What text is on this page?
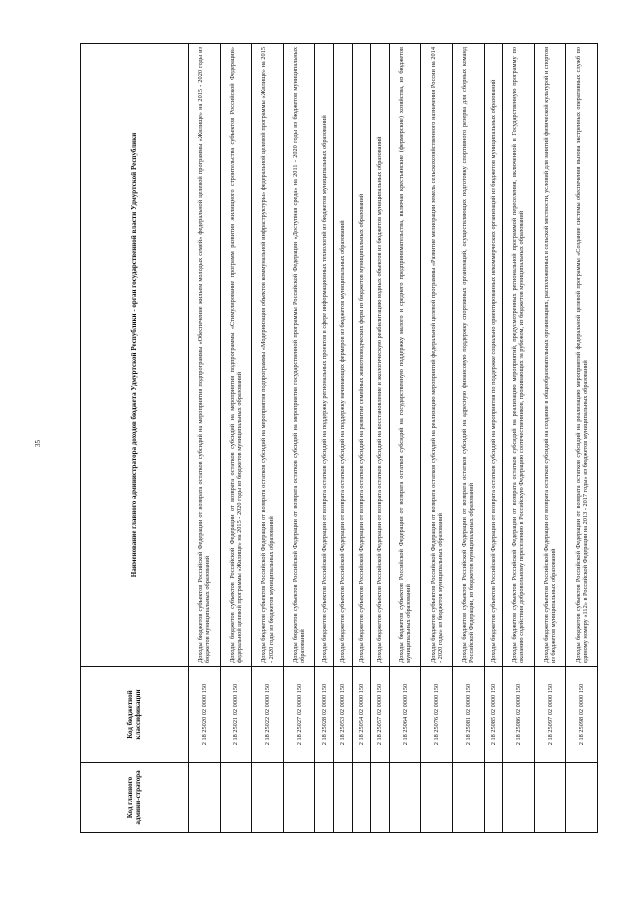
35
Код главного админи-стратора	Код бюджетной классификации	Наименование главного администратора доходов бюджета Удмуртской Республики - орган государственной власти Удмуртской Республики
	2 18 25020 02 0000 150	Доходы бюджетов субъектов Российской Федерации от возврата остатков субсидий на мероприятия подпрограммы «Обеспечение жильем молодых семей» федеральной целевой программы «Жилище» на 2015 - 2020 годы из бюджетов муниципальных образований
	2 18 25021 02 0000 150	Доходы бюджетов субъектов Российской Федерации от возврата остатков субсидий на мероприятия подпрограммы «Стимулирование программ развития жилищного строительства субъектов Российской Федерации» федеральной целевой программы «Жилище» на 2015 - 2020 годы из бюджетов муниципальных образований
	2 18 25022 02 0000 150	Доходы бюджетов субъектов Российской Федерации от возврата остатков субсидий на мероприятия подпрограммы «Модернизация объектов коммунальной инфраструктуры» федеральной целевой программы «Жилище» на 2015 - 2020 годы из бюджетов муниципальных образований
	2 18 25027 02 0000 150	Доходы бюджетов субъектов Российской Федерации от возврата остатков субсидий на мероприятия государственной программы Российской Федерации «Доступная среда» на 2011 - 2020 годы из бюджетов муниципальных образований
	2 18 25028 02 0000 150	Доходы бюджетов субъектов Российской Федерации от возврата остатков субсидий на поддержку региональных проектов в сфере информационных технологий из бюджетов муниципальных образований
	2 18 25053 02 0000 150	Доходы бюджетов субъектов Российской Федерации от возврата остатков субсидий на поддержку начинающих фермеров из бюджетов муниципальных образований
	2 18 25054 02 0000 150	Доходы бюджетов субъектов Российской Федерации от возврата остатков субсидий на развитие семейных животноводческих ферм из бюджетов муниципальных образований
	2 18 25057 02 0000 150	Доходы бюджетов субъектов Российской Федерации от возврата остатков субсидий на восстановление и экологическую реабилитацию водных объектов из бюджетов муниципальных образований
	2 18 25064 02 0000 150	Доходы бюджетов субъектов Российской Федерации от возврата остатков субсидий на государственную поддержку малого и среднего предпринимательства, включая крестьянские (фермерские) хозяйства, из бюджетов муниципальных образований
	2 18 25076 02 0000 150	Доходы бюджетов субъектов Российской Федерации от возврата остатков субсидий на реализацию мероприятий федеральной целевой программы «Развитие мелиорации земель сельскохозяйственного назначения России на 2014 - 2020 годы» из бюджетов муниципальных образований
	2 18 25081 02 0000 150	Доходы бюджетов субъектов Российской Федерации от возврата остатков субсидий на адресную финансовую поддержку спортивных организаций, осуществляющих подготовку спортивного резерва для сборных команд Российской Федерации, из бюджетов муниципальных образований
	2 18 25085 02 0000 150	Доходы бюджетов субъектов Российской Федерации от возврата остатков субсидий на мероприятия по поддержке социально ориентированных некоммерческих организаций из бюджетов муниципальных образований
	2 18 25086 02 0000 150	Доходы бюджетов субъектов Российской Федерации от возврата остатков субсидий на реализацию мероприятий, предусмотренных региональной программой переселения, включенной в Государственную программу по оказанию содействия добровольному переселению в Российскую Федерацию соотечественников, проживающих за рубежом, из бюджетов муниципальных образований
	2 18 25097 02 0000 150	Доходы бюджетов субъектов Российской Федерации от возврата остатков субсидий на создание в общеобразовательных организациях, расположенных в сельской местности, условий для занятий физической культурой и спортом из бюджетов муниципальных образований
	2 18 25098 02 0000 150	Доходы бюджетов субъектов Российской Федерации от возврата остатков субсидий на реализацию мероприятий федеральной целевой программы «Создание системы обеспечения вызова экстренных оперативных служб по единому номеру «112» в Российской Федерации на 2013 - 2017 годы» из бюджетов муниципальных образований
